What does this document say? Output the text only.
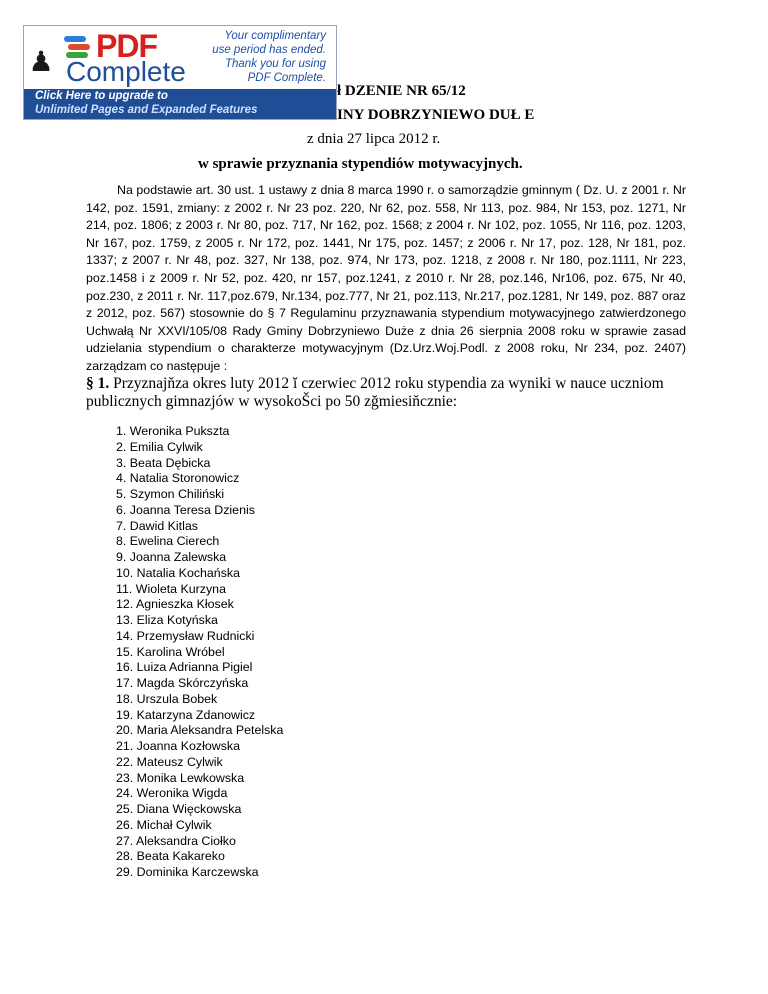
♟ PDF
Complete
Your complimentary
use period has ended.
Thank you for using
PDF Complete.
Click Here to upgrade to
Unlimited Pages and Expanded Features
ł DZENIE NR 65/12
INY DOBRZYNIEWO DUŁ E
z dnia 27 lipca 2012 r.
w sprawie przyznania stypendiów motywacyjnych.
Na podstawie art. 30 ust. 1 ustawy z dnia 8 marca 1990 r. o samorządzie gminnym ( Dz. U. z 2001 r. Nr 142, poz. 1591, zmiany: z 2002 r. Nr 23 poz. 220, Nr 62, poz. 558, Nr 113, poz. 984, Nr 153, poz. 1271, Nr 214, poz. 1806; z 2003 r. Nr 80, poz. 717, Nr 162, poz. 1568; z 2004 r. Nr 102, poz. 1055, Nr 116, poz. 1203, Nr 167, poz. 1759, z 2005 r. Nr 172, poz. 1441, Nr 175, poz. 1457; z 2006 r. Nr 17, poz. 128, Nr 181, poz. 1337; z 2007 r. Nr 48, poz. 327, Nr 138, poz. 974, Nr 173, poz. 1218, z 2008 r. Nr 180, poz.1111, Nr 223, poz.1458 i z 2009 r. Nr 52, poz. 420, nr 157, poz.1241, z 2010 r. Nr 28, poz.146, Nr106, poz. 675, Nr 40, poz.230, z 2011 r. Nr. 117,poz.679, Nr.134, poz.777, Nr 21, poz.113, Nr.217, poz.1281, Nr 149, poz. 887 oraz z 2012, poz. 567) stosownie do § 7 Regulaminu przyznawania stypendium motywacyjnego zatwierdzonego Uchwałą Nr XXVI/105/08 Rady Gminy Dobrzyniewo Duże z dnia 26 sierpnia 2008 roku w sprawie zasad udzielania stypendium o charakterze motywacyjnym (Dz.Urz.Woj.Podl. z 2008 roku, Nr 234, poz. 2407) zarządzam co następuje :
§ 1. Przyznajňza okres luty 2012 ĭ czerwiec 2012 roku stypendia za wyniki w nauce uczniom publicznych gimnazjów w wysokoŠci po 50 zğmiesiňcznie:
1. Weronika Pukszta
2. Emilia Cylwik
3. Beata Dębicka
4. Natalia Storonowicz
5. Szymon Chiliński
6. Joanna Teresa Dzienis
7. Dawid Kitlas
8. Ewelina Cierech
9. Joanna Zalewska
10. Natalia Kochańska
11. Wioleta Kurzyna
12. Agnieszka Kłosek
13. Eliza Kotyńska
14. Przemysław Rudnicki
15. Karolina Wróbel
16. Luiza Adrianna Pigiel
17. Magda Skórczyńska
18. Urszula Bobek
19. Katarzyna Zdanowicz
20. Maria Aleksandra Petelska
21. Joanna Kozłowska
22. Mateusz Cylwik
23. Monika Lewkowska
24. Weronika Wigda
25. Diana Więckowska
26. Michał Cylwik
27. Aleksandra Ciołko
28. Beata Kakareko
29. Dominika Karczewska
